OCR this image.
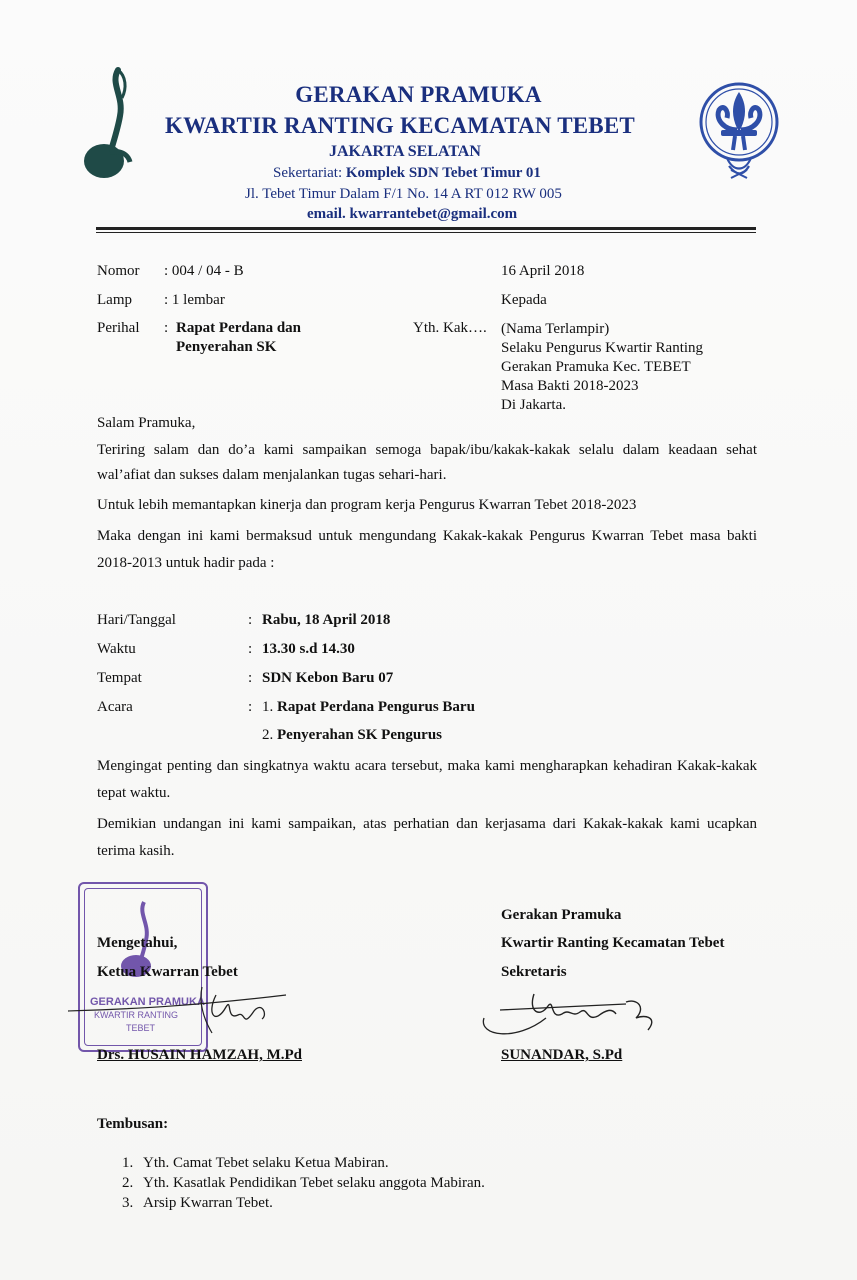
GERAKAN PRAMUKA
KWARTIR RANTING KECAMATAN TEBET
JAKARTA SELATAN
Sekertariat: Komplek SDN Tebet Timur 01
Jl. Tebet Timur Dalam F/1 No. 14 A RT 012 RW 005
email. kwarrantebet@gmail.com
Nomor : 004 / 04 - B
Lamp : 1 lembar
Perihal : Rapat Perdana dan
Penyerahan SK
16 April 2018
Kepada
Yth. Kak…. (Nama Terlampir)
Selaku Pengurus Kwartir Ranting
Gerakan Pramuka Kec. TEBET
Masa Bakti 2018-2023
Di Jakarta.
Salam Pramuka,
Teriring salam dan do’a kami sampaikan semoga bapak/ibu/kakak-kakak selalu dalam keadaan sehat wal’afiat dan sukses dalam menjalankan tugas sehari-hari.
Untuk lebih memantapkan kinerja dan program kerja Pengurus Kwarran Tebet 2018-2023
Maka dengan ini kami bermaksud untuk mengundang Kakak-kakak Pengurus Kwarran Tebet masa bakti 2018-2013 untuk hadir pada :
Hari/Tanggal	: Rabu, 18 April 2018
Waktu	: 13.30 s.d 14.30
Tempat	: SDN Kebon Baru 07
Acara	: 1. Rapat Perdana Pengurus Baru
2. Penyerahan SK Pengurus
Mengingat penting dan singkatnya waktu acara tersebut, maka kami mengharapkan kehadiran Kakak-kakak tepat waktu.
Demikian undangan ini kami sampaikan, atas perhatian dan kerjasama dari Kakak-kakak kami ucapkan terima kasih.
GERAKAN PRAMUKA
KWARTIR RANTING
TEBET
Mengetahui,
Ketua Kwarran Tebet
Drs. HUSAIN HAMZAH, M.Pd
Gerakan Pramuka
Kwartir Ranting Kecamatan Tebet
Sekretaris
SUNANDAR, S.Pd
Tembusan:
1. Yth. Camat Tebet selaku Ketua Mabiran.
2. Yth. Kasatlak Pendidikan Tebet selaku anggota Mabiran.
3. Arsip Kwarran Tebet.
